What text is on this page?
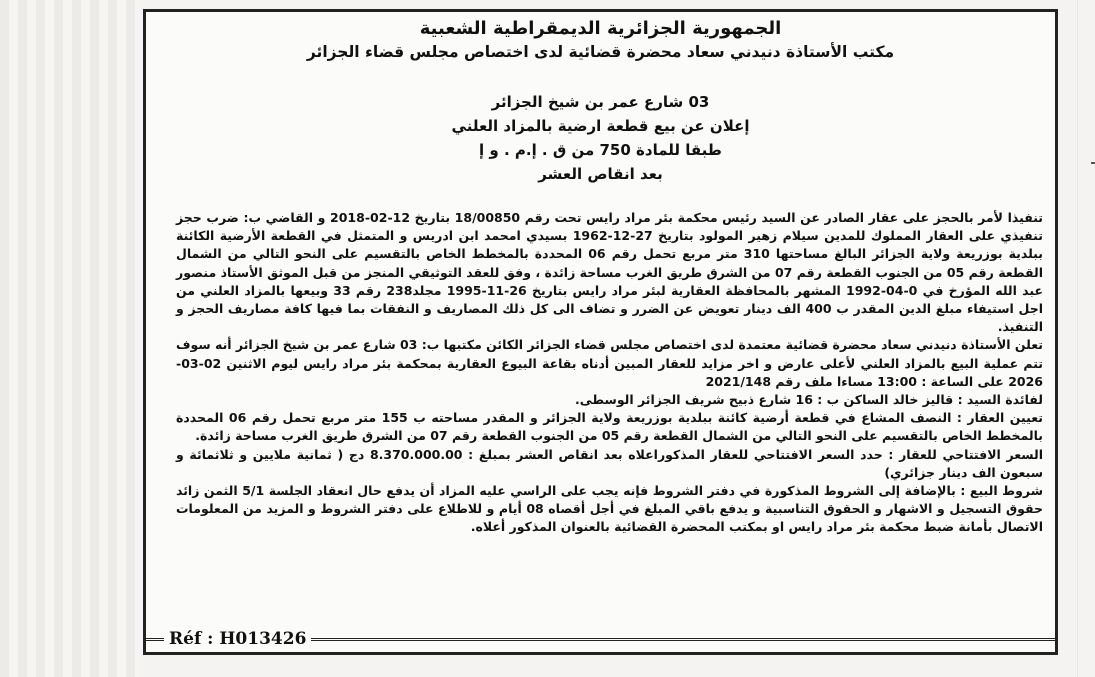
الجمهورية الجزائرية الديمقراطية الشعبية
مكتب الأستاذة دنيدني سعاد محضرة قضائية لدى اختصاص مجلس قضاء الجزائر
03 شارع عمر بن شيخ الجزائر
إعلان عن بيع قطعة ارضية بالمزاد العلني
طبقا للمادة 750 من ق . إ.م . و إ
بعد انقاص العشر

تنفيذا لأمر بالحجز على عقار الصادر عن السيد رئيس محكمة بئر مراد رايس تحت رقم 18/00850 بتاريخ 12-02-2018 و القاضي ب: ضرب حجز تنفيذي على العقار المملوك للمدين سيلام زهير المولود بتاريخ 27-12-1962 بسيدي امحمد ابن ادريس و المتمثل في القطعة الأرضية الكائنة ببلدية بوزريعة ولاية الجزائر البالغ مساحتها 310 متر مربع تحمل رقم 06 المحددة بالمخطط الخاص بالتقسيم على النحو التالي من الشمال القطعة رقم 05 من الجنوب القطعة رقم 07 من الشرق طريق الغرب مساحة زائدة ، وفق للعقد التوثيقي المنجز من قبل الموثق الأستاذ منصور عبد الله المؤرخ في 0-04-1992 المشهر بالمحافظة العقارية لبئر مراد رايس بتاريخ 26-11-1995 مجلد238 رقم 33 وبيعها بالمزاد العلني من اجل استيفاء مبلغ الدين المقدر ب 400 الف دينار تعويض عن الضرر و تضاف الى كل ذلك المصاريف و النفقات بما فيها كافة مصاريف الحجز و التنفيذ.

تعلن الأستاذة دنيدني سعاد محضرة قضائية معتمدة لدى اختصاص مجلس قضاء الجزائر الكائن مكتبها ب: 03 شارع عمر بن شيخ الجزائر أنه سوف تتم عملية البيع بالمزاد العلني لأعلى عارض و اخر مزايد للعقار المبين أدناه بقاعة البيوع العقارية بمحكمة بئر مراد رايس ليوم الاثنين 02-03-2026 على الساعة : 13:00 مساءا ملف رقم 2021/148

لفائدة السيد : قاليز خالد الساكن ب : 16 شارع ذبيح شريف الجزائر الوسطى.

تعيين العقار : النصف المشاع في قطعة أرضية كائنة ببلدية بوزريعة ولاية الجزائر و المقدر مساحته ب 155 متر مربع تحمل رقم 06 المحددة بالمخطط الخاص بالتقسيم على النحو التالي من الشمال القطعة رقم 05 من الجنوب القطعة رقم 07 من الشرق طريق الغرب مساحة زائدة.

السعر الافتتاحي للعقار : حدد السعر الافتتاحي للعقار المذكوراعلاه بعد انقاص العشر بمبلغ : 8.370.000.00 دج ( ثمانية ملايين و ثلاثمائة و سبعون الف دينار جزائري)

شروط البيع : بالإضافة إلى الشروط المذكورة في دفتر الشروط فإنه يجب على الراسي عليه المزاد أن يدفع حال انعقاد الجلسة 5/1 الثمن زائد حقوق التسجيل و الاشهار و الحقوق التناسبية و يدفع باقي المبلغ في أجل أقصاه 08 أيام و للاطلاع على دفتر الشروط و المزيد من المعلومات الاتصال بأمانة ضبط محكمة بئر مراد رايس او بمكتب المحضرة القضائية بالعنوان المذكور أعلاه.

Réf : H013426
